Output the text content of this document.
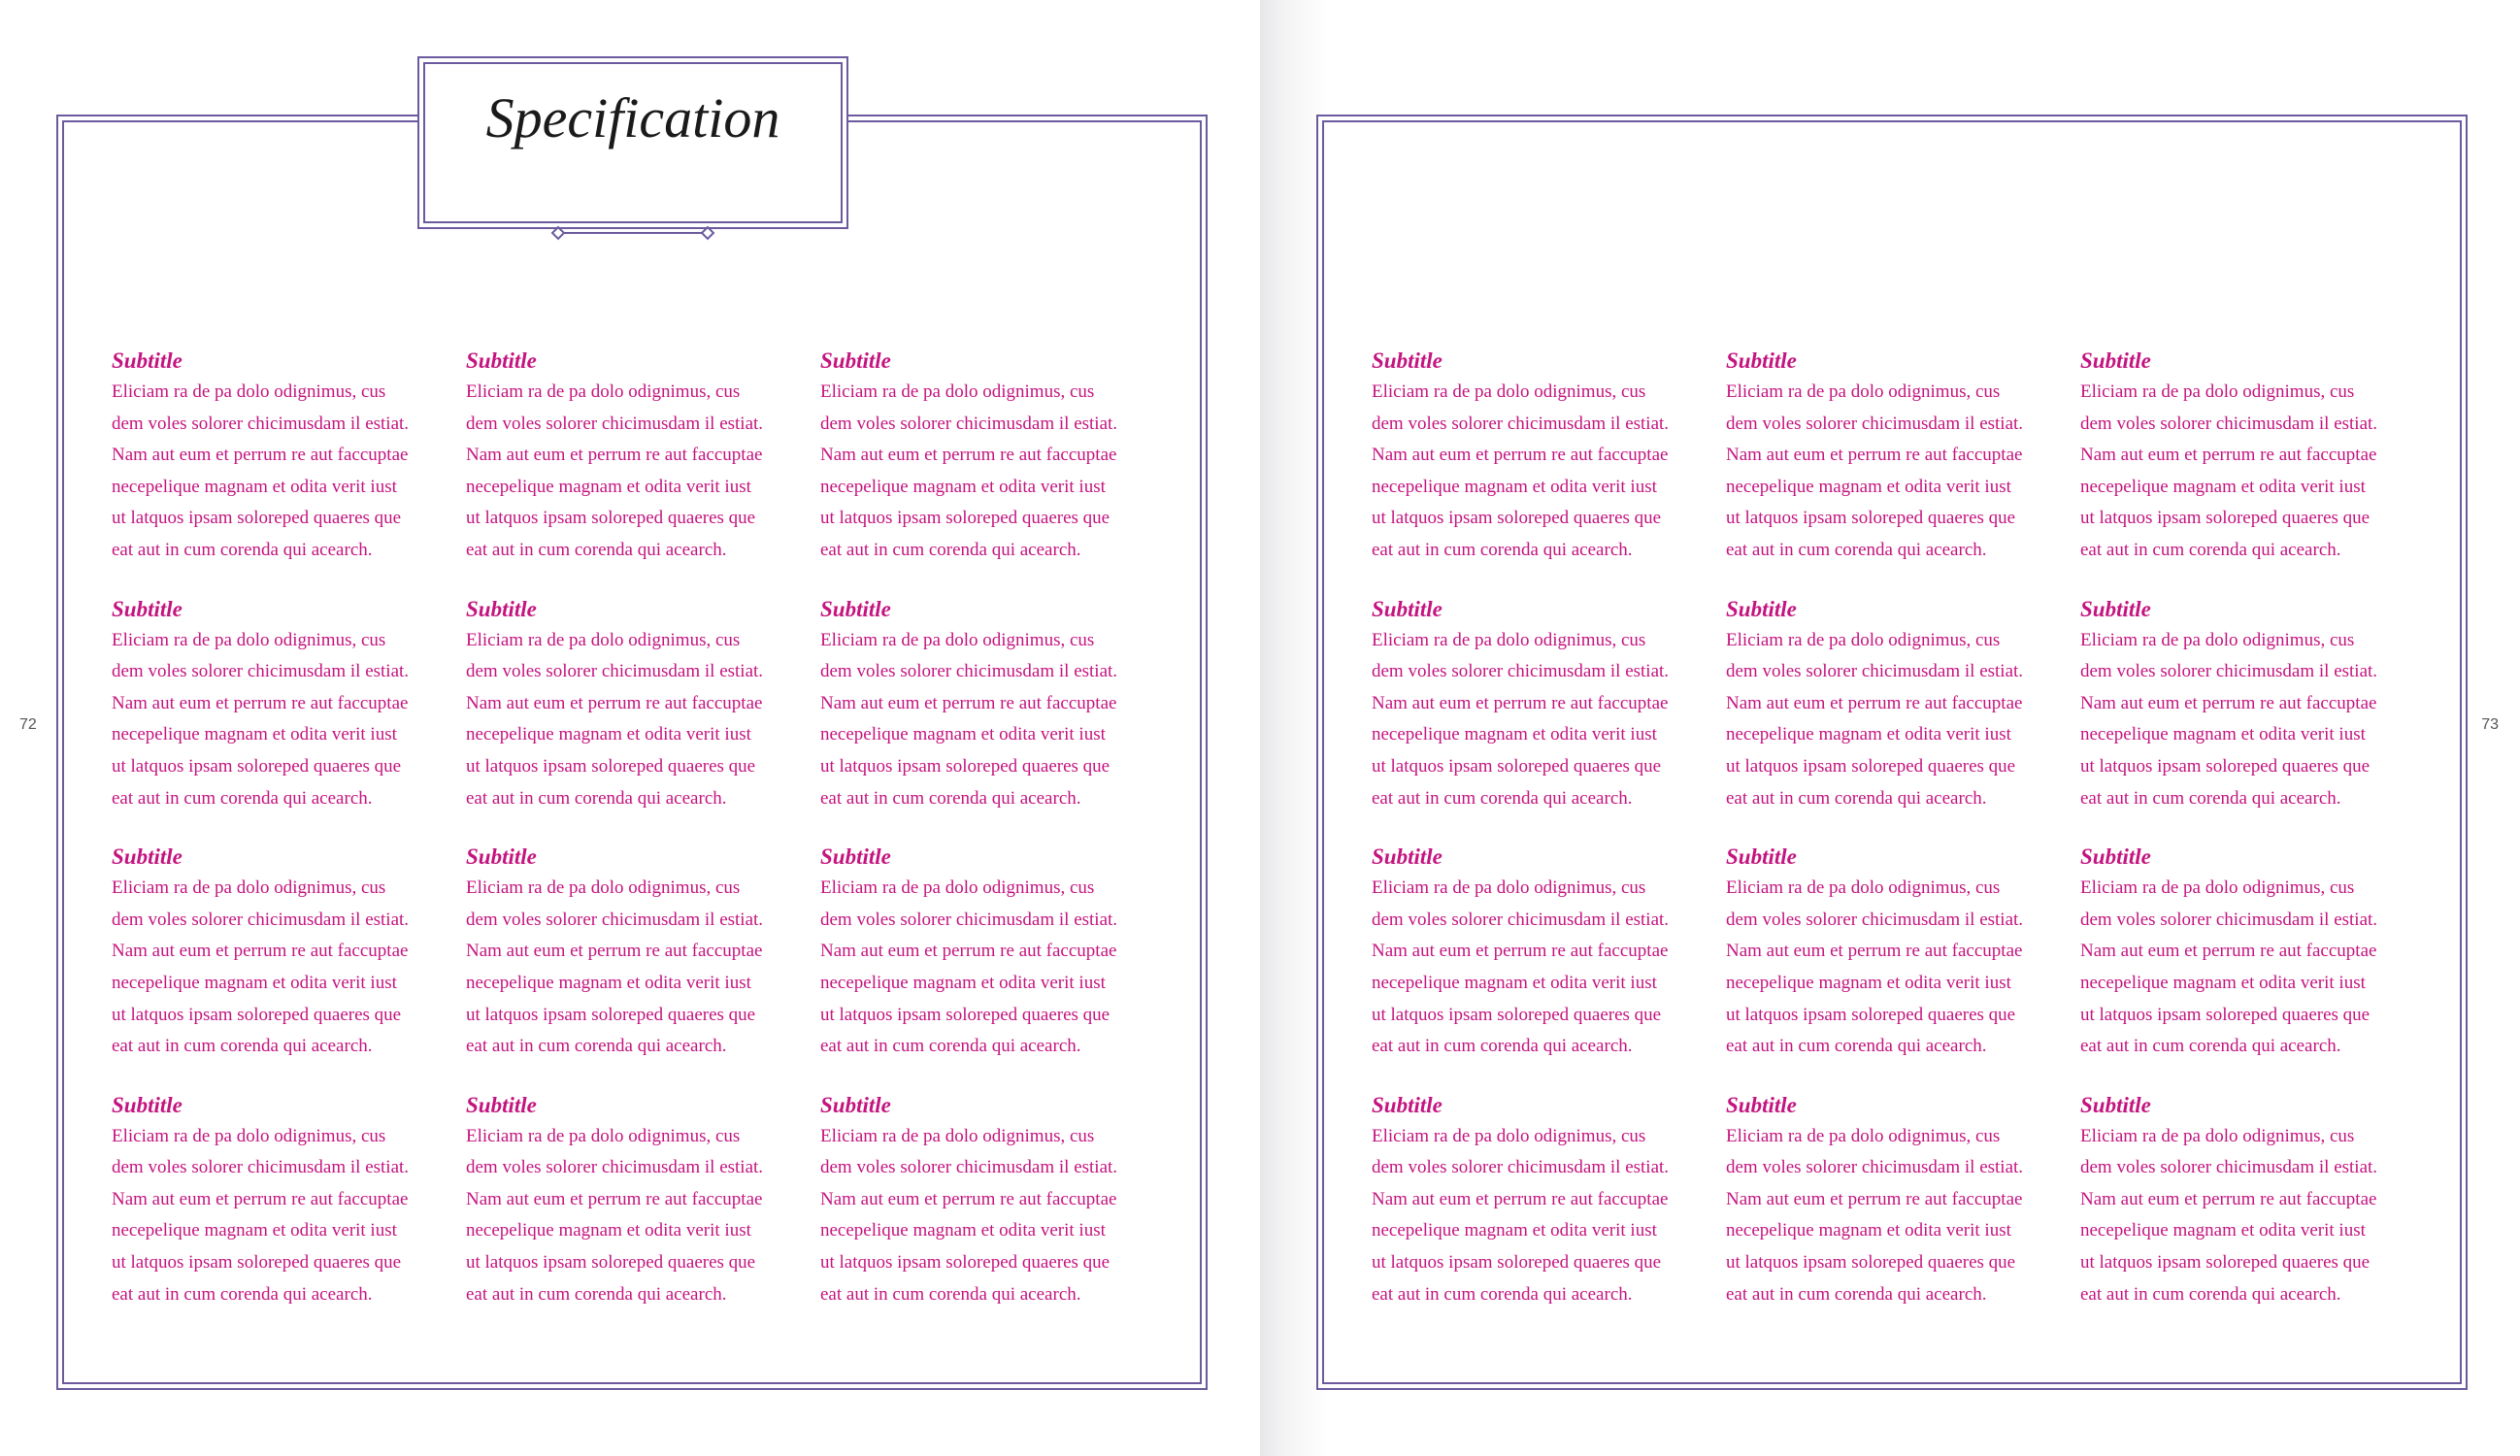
Specification
72
Subtitle
Eliciam ra de pa dolo odignimus, cus
dem voles solorer chicimusdam il estiat.
Nam aut eum et perrum re aut faccuptae
necepelique magnam et odita verit iust
ut latquos ipsam soloreped quaeres que
eat aut in cum corenda qui acearch.
Subtitle
Eliciam ra de pa dolo odignimus, cus
dem voles solorer chicimusdam il estiat.
Nam aut eum et perrum re aut faccuptae
necepelique magnam et odita verit iust
ut latquos ipsam soloreped quaeres que
eat aut in cum corenda qui acearch.
Subtitle
Eliciam ra de pa dolo odignimus, cus
dem voles solorer chicimusdam il estiat.
Nam aut eum et perrum re aut faccuptae
necepelique magnam et odita verit iust
ut latquos ipsam soloreped quaeres que
eat aut in cum corenda qui acearch.
Subtitle
Eliciam ra de pa dolo odignimus, cus
dem voles solorer chicimusdam il estiat.
Nam aut eum et perrum re aut faccuptae
necepelique magnam et odita verit iust
ut latquos ipsam soloreped quaeres que
eat aut in cum corenda qui acearch.
Subtitle
Eliciam ra de pa dolo odignimus, cus
dem voles solorer chicimusdam il estiat.
Nam aut eum et perrum re aut faccuptae
necepelique magnam et odita verit iust
ut latquos ipsam soloreped quaeres que
eat aut in cum corenda qui acearch.
Subtitle
Eliciam ra de pa dolo odignimus, cus
dem voles solorer chicimusdam il estiat.
Nam aut eum et perrum re aut faccuptae
necepelique magnam et odita verit iust
ut latquos ipsam soloreped quaeres que
eat aut in cum corenda qui acearch.
Subtitle
Eliciam ra de pa dolo odignimus, cus
dem voles solorer chicimusdam il estiat.
Nam aut eum et perrum re aut faccuptae
necepelique magnam et odita verit iust
ut latquos ipsam soloreped quaeres que
eat aut in cum corenda qui acearch.
Subtitle
Eliciam ra de pa dolo odignimus, cus
dem voles solorer chicimusdam il estiat.
Nam aut eum et perrum re aut faccuptae
necepelique magnam et odita verit iust
ut latquos ipsam soloreped quaeres que
eat aut in cum corenda qui acearch.
Subtitle
Eliciam ra de pa dolo odignimus, cus
dem voles solorer chicimusdam il estiat.
Nam aut eum et perrum re aut faccuptae
necepelique magnam et odita verit iust
ut latquos ipsam soloreped quaeres que
eat aut in cum corenda qui acearch.
Subtitle
Eliciam ra de pa dolo odignimus, cus
dem voles solorer chicimusdam il estiat.
Nam aut eum et perrum re aut faccuptae
necepelique magnam et odita verit iust
ut latquos ipsam soloreped quaeres que
eat aut in cum corenda qui acearch.
Subtitle
Eliciam ra de pa dolo odignimus, cus
dem voles solorer chicimusdam il estiat.
Nam aut eum et perrum re aut faccuptae
necepelique magnam et odita verit iust
ut latquos ipsam soloreped quaeres que
eat aut in cum corenda qui acearch.
Subtitle
Eliciam ra de pa dolo odignimus, cus
dem voles solorer chicimusdam il estiat.
Nam aut eum et perrum re aut faccuptae
necepelique magnam et odita verit iust
ut latquos ipsam soloreped quaeres que
eat aut in cum corenda qui acearch.
73
Subtitle
Eliciam ra de pa dolo odignimus, cus
dem voles solorer chicimusdam il estiat.
Nam aut eum et perrum re aut faccuptae
necepelique magnam et odita verit iust
ut latquos ipsam soloreped quaeres que
eat aut in cum corenda qui acearch.
Subtitle
Eliciam ra de pa dolo odignimus, cus
dem voles solorer chicimusdam il estiat.
Nam aut eum et perrum re aut faccuptae
necepelique magnam et odita verit iust
ut latquos ipsam soloreped quaeres que
eat aut in cum corenda qui acearch.
Subtitle
Eliciam ra de pa dolo odignimus, cus
dem voles solorer chicimusdam il estiat.
Nam aut eum et perrum re aut faccuptae
necepelique magnam et odita verit iust
ut latquos ipsam soloreped quaeres que
eat aut in cum corenda qui acearch.
Subtitle
Eliciam ra de pa dolo odignimus, cus
dem voles solorer chicimusdam il estiat.
Nam aut eum et perrum re aut faccuptae
necepelique magnam et odita verit iust
ut latquos ipsam soloreped quaeres que
eat aut in cum corenda qui acearch.
Subtitle
Eliciam ra de pa dolo odignimus, cus
dem voles solorer chicimusdam il estiat.
Nam aut eum et perrum re aut faccuptae
necepelique magnam et odita verit iust
ut latquos ipsam soloreped quaeres que
eat aut in cum corenda qui acearch.
Subtitle
Eliciam ra de pa dolo odignimus, cus
dem voles solorer chicimusdam il estiat.
Nam aut eum et perrum re aut faccuptae
necepelique magnam et odita verit iust
ut latquos ipsam soloreped quaeres que
eat aut in cum corenda qui acearch.
Subtitle
Eliciam ra de pa dolo odignimus, cus
dem voles solorer chicimusdam il estiat.
Nam aut eum et perrum re aut faccuptae
necepelique magnam et odita verit iust
ut latquos ipsam soloreped quaeres que
eat aut in cum corenda qui acearch.
Subtitle
Eliciam ra de pa dolo odignimus, cus
dem voles solorer chicimusdam il estiat.
Nam aut eum et perrum re aut faccuptae
necepelique magnam et odita verit iust
ut latquos ipsam soloreped quaeres que
eat aut in cum corenda qui acearch.
Subtitle
Eliciam ra de pa dolo odignimus, cus
dem voles solorer chicimusdam il estiat.
Nam aut eum et perrum re aut faccuptae
necepelique magnam et odita verit iust
ut latquos ipsam soloreped quaeres que
eat aut in cum corenda qui acearch.
Subtitle
Eliciam ra de pa dolo odignimus, cus
dem voles solorer chicimusdam il estiat.
Nam aut eum et perrum re aut faccuptae
necepelique magnam et odita verit iust
ut latquos ipsam soloreped quaeres que
eat aut in cum corenda qui acearch.
Subtitle
Eliciam ra de pa dolo odignimus, cus
dem voles solorer chicimusdam il estiat.
Nam aut eum et perrum re aut faccuptae
necepelique magnam et odita verit iust
ut latquos ipsam soloreped quaeres que
eat aut in cum corenda qui acearch.
Subtitle
Eliciam ra de pa dolo odignimus, cus
dem voles solorer chicimusdam il estiat.
Nam aut eum et perrum re aut faccuptae
necepelique magnam et odita verit iust
ut latquos ipsam soloreped quaeres que
eat aut in cum corenda qui acearch.
